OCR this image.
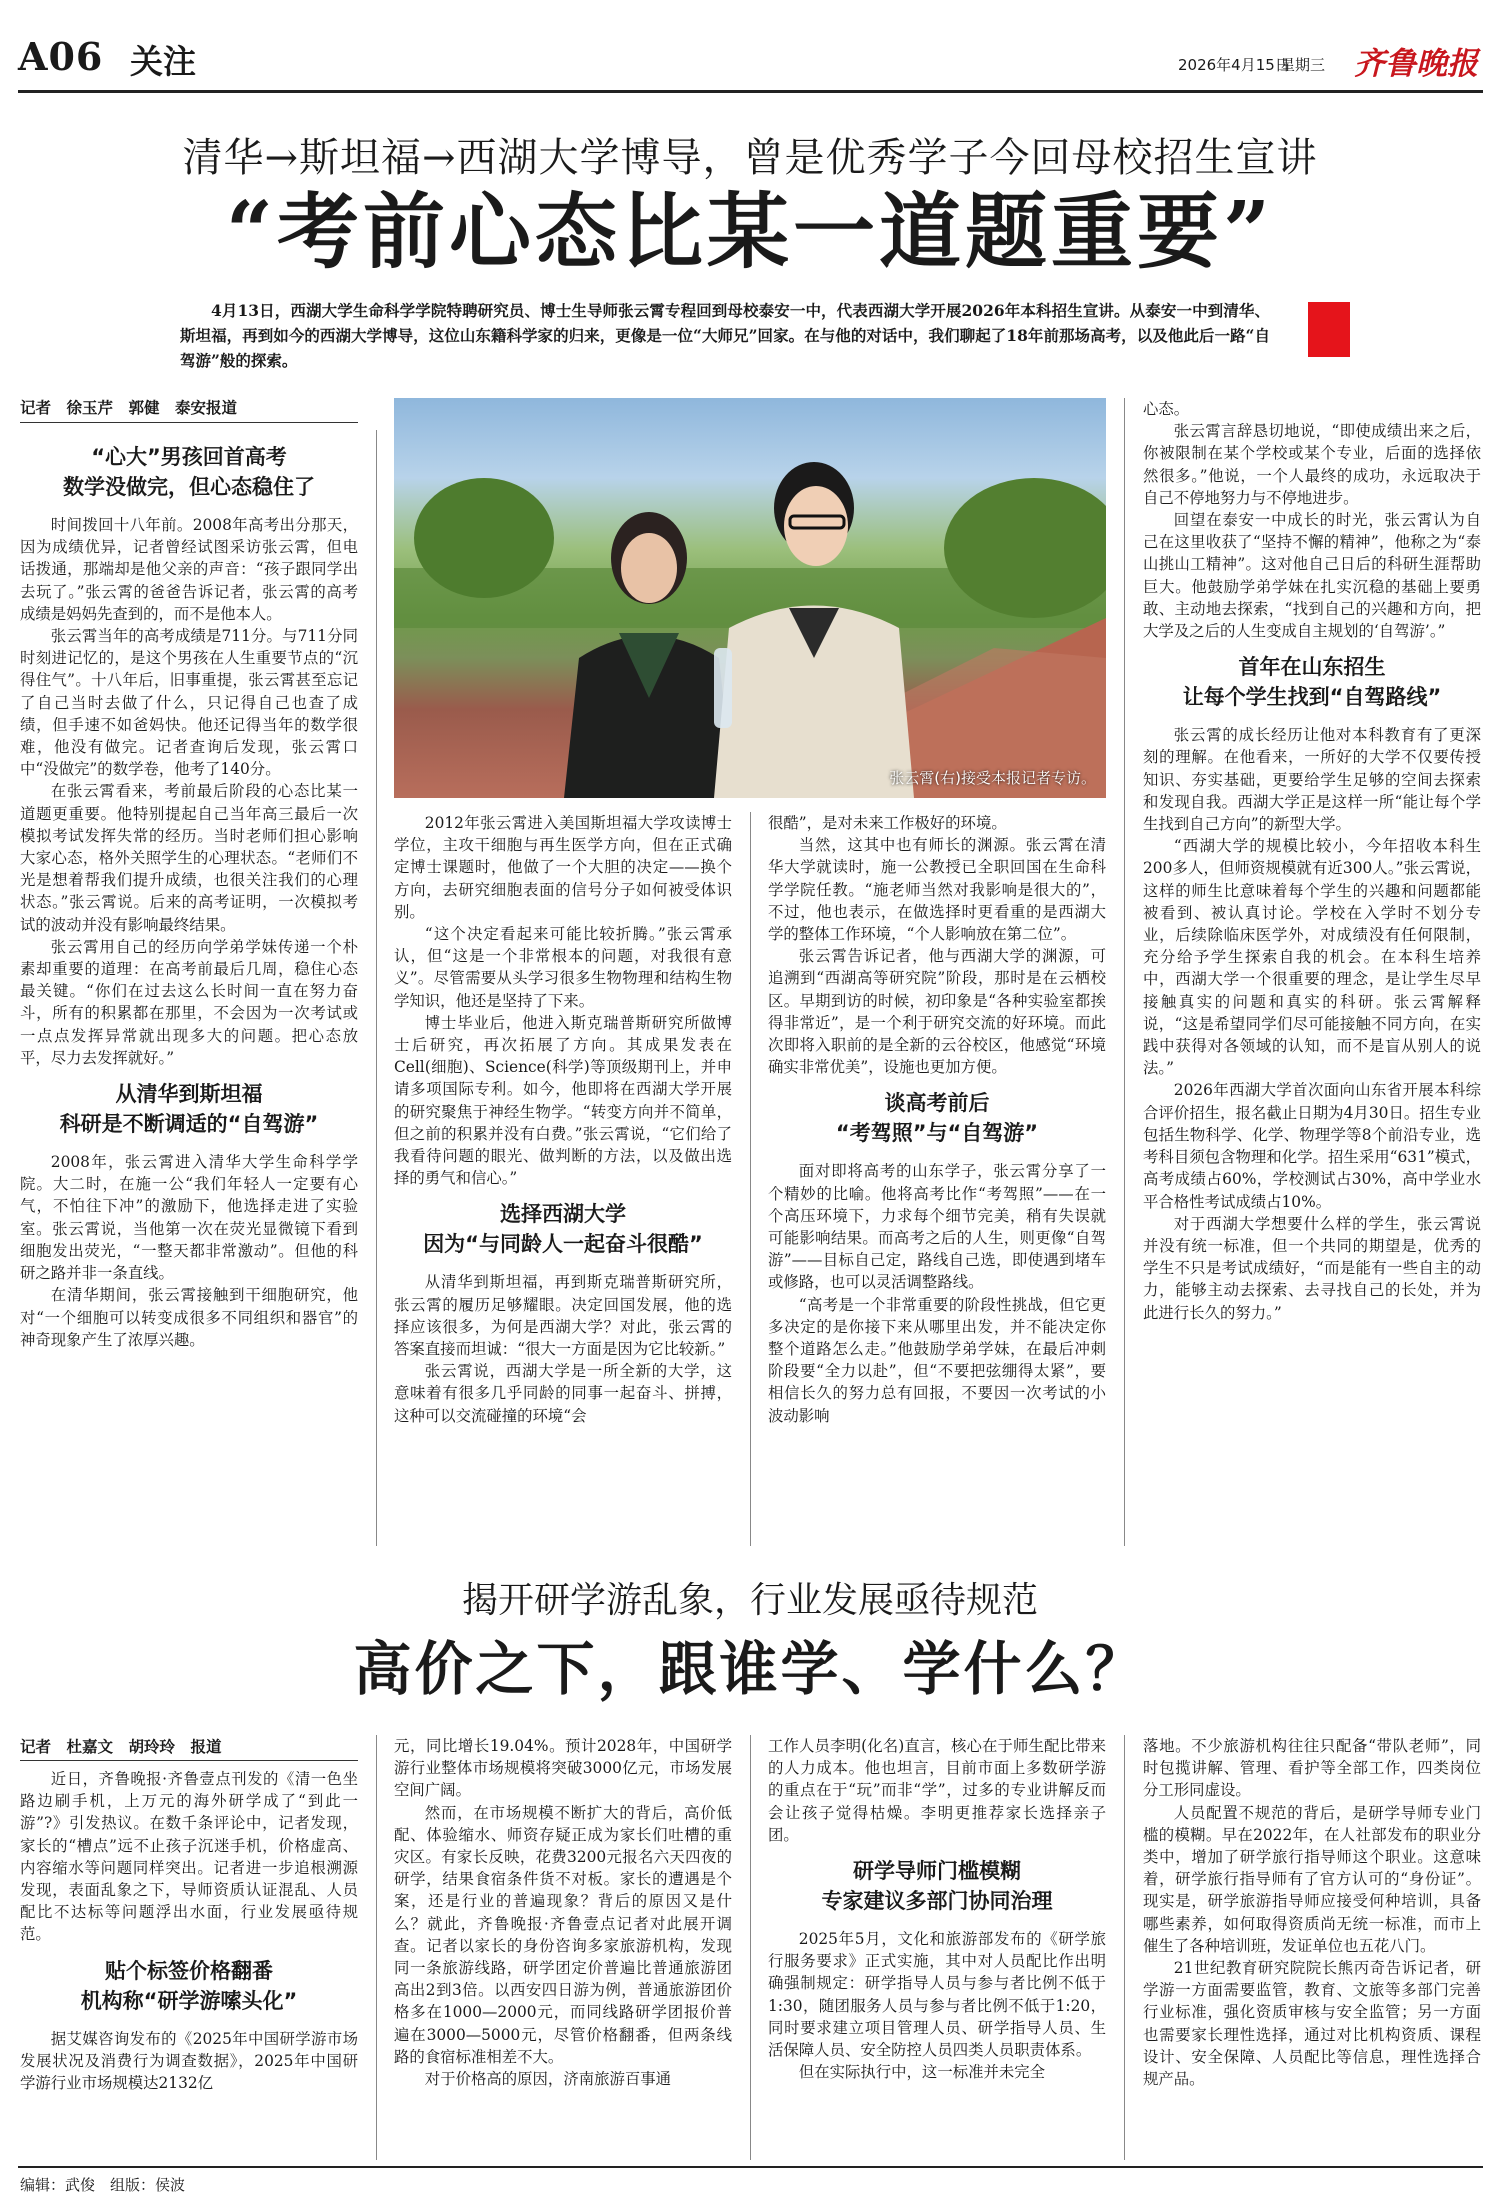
A06 关注	2026年4月15日
星期三 齐鲁晚报
清华→斯坦福→西湖大学博导，曾是优秀学子今回母校招生宣讲
“考前心态比某一道题重要”
4月13日，西湖大学生命科学学院特聘研究员、博士生导师张云霄专程回到母校泰安一中，代表西湖大学开展2026年本科招生宣讲。从泰安一中到清华、斯坦福，再到如今的西湖大学博导，这位山东籍科学家的归来，更像是一位“大师兄”回家。在与他的对话中，我们聊起了18年前那场高考，以及他此后一路“自驾游”般的探索。
记者　徐玉芹　郭健　泰安报道
张云霄(右)接受本报记者专访。
“心大”男孩回首高考
数学没做完，但心态稳住了

时间拨回十八年前。2008年高考出分那天，因为成绩优异，记者曾经试图采访张云霄，但电话拨通，那端却是他父亲的声音：“孩子跟同学出去玩了。”张云霄的爸爸告诉记者，张云霄的高考成绩是妈妈先查到的，而不是他本人。

张云霄当年的高考成绩是711分。与711分同时刻进记忆的，是这个男孩在人生重要节点的“沉得住气”。十八年后，旧事重提，张云霄甚至忘记了自己当时去做了什么，只记得自己也查了成绩，但手速不如爸妈快。他还记得当年的数学很难，他没有做完。记者查询后发现，张云霄口中“没做完”的数学卷，他考了140分。

在张云霄看来，考前最后阶段的心态比某一道题更重要。他特别提起自己当年高三最后一次模拟考试发挥失常的经历。当时老师们担心影响大家心态，格外关照学生的心理状态。“老师们不光是想着帮我们提升成绩，也很关注我们的心理状态。”张云霄说。后来的高考证明，一次模拟考试的波动并没有影响最终结果。

张云霄用自己的经历向学弟学妹传递一个朴素却重要的道理：在高考前最后几周，稳住心态最关键。“你们在过去这么长时间一直在努力奋斗，所有的积累都在那里，不会因为一次考试或一点点发挥异常就出现多大的问题。把心态放平，尽力去发挥就好。”

从清华到斯坦福
科研是不断调适的“自驾游”

2008年，张云霄进入清华大学生命科学学院。大二时，在施一公“我们年轻人一定要有心气，不怕往下冲”的激励下，他选择走进了实验室。张云霄说，当他第一次在荧光显微镜下看到细胞发出荧光，“一整天都非常激动”。但他的科研之路并非一条直线。

在清华期间，张云霄接触到干细胞研究，他对“一个细胞可以转变成很多不同组织和器官”的神奇现象产生了浓厚兴趣。

2012年张云霄进入美国斯坦福大学攻读博士学位，主攻干细胞与再生医学方向，但在正式确定博士课题时，他做了一个大胆的决定——换个方向，去研究细胞表面的信号分子如何被受体识别。

“这个决定看起来可能比较折腾。”张云霄承认，但“这是一个非常根本的问题，对我很有意义”。尽管需要从头学习很多生物物理和结构生物学知识，他还是坚持了下来。

博士毕业后，他进入斯克瑞普斯研究所做博士后研究，再次拓展了方向。其成果发表在Cell(细胞)、Science(科学)等顶级期刊上，并申请多项国际专利。如今，他即将在西湖大学开展的研究聚焦于神经生物学。“转变方向并不简单，但之前的积累并没有白费。”张云霄说，“它们给了我看待问题的眼光、做判断的方法，以及做出选择的勇气和信心。”

选择西湖大学
因为“与同龄人一起奋斗很酷”

从清华到斯坦福，再到斯克瑞普斯研究所，张云霄的履历足够耀眼。决定回国发展，他的选择应该很多，为何是西湖大学？对此，张云霄的答案直接而坦诚：“很大一方面是因为它比较新。”

张云霄说，西湖大学是一所全新的大学，这意味着有很多几乎同龄的同事一起奋斗、拼搏，这种可以交流碰撞的环境“会

很酷”，是对未来工作极好的环境。

当然，这其中也有师长的渊源。张云霄在清华大学就读时，施一公教授已全职回国在生命科学学院任教。“施老师当然对我影响是很大的”，不过，他也表示，在做选择时更看重的是西湖大学的整体工作环境，“个人影响放在第二位”。

张云霄告诉记者，他与西湖大学的渊源，可追溯到“西湖高等研究院”阶段，那时是在云栖校区。早期到访的时候，初印象是“各种实验室都挨得非常近”，是一个利于研究交流的好环境。而此次即将入职前的是全新的云谷校区，他感觉“环境确实非常优美”，设施也更加方便。

谈高考前后
“考驾照”与“自驾游”

面对即将高考的山东学子，张云霄分享了一个精妙的比喻。他将高考比作“考驾照”——在一个高压环境下，力求每个细节完美，稍有失误就可能影响结果。而高考之后的人生，则更像“自驾游”——目标自己定，路线自己选，即使遇到堵车或修路，也可以灵活调整路线。

“高考是一个非常重要的阶段性挑战，但它更多决定的是你接下来从哪里出发，并不能决定你整个道路怎么走。”他鼓励学弟学妹，在最后冲刺阶段要“全力以赴”，但“不要把弦绷得太紧”，要相信长久的努力总有回报，不要因一次考试的小波动影响

心态。

张云霄言辞恳切地说，“即使成绩出来之后，你被限制在某个学校或某个专业，后面的选择依然很多。”他说，一个人最终的成功，永远取决于自己不停地努力与不停地进步。

回望在泰安一中成长的时光，张云霄认为自己在这里收获了“坚持不懈的精神”，他称之为“泰山挑山工精神”。这对他自己日后的科研生涯帮助巨大。他鼓励学弟学妹在扎实沉稳的基础上要勇敢、主动地去探索，“找到自己的兴趣和方向，把大学及之后的人生变成自主规划的‘自驾游’。”

首年在山东招生
让每个学生找到“自驾路线”

张云霄的成长经历让他对本科教育有了更深刻的理解。在他看来，一所好的大学不仅要传授知识、夯实基础，更要给学生足够的空间去探索和发现自我。西湖大学正是这样一所“能让每个学生找到自己方向”的新型大学。

“西湖大学的规模比较小，今年招收本科生200多人，但师资规模就有近300人。”张云霄说，这样的师生比意味着每个学生的兴趣和问题都能被看到、被认真讨论。学校在入学时不划分专业，后续除临床医学外，对成绩没有任何限制，充分给予学生探索自我的机会。在本科生培养中，西湖大学一个很重要的理念，是让学生尽早接触真实的问题和真实的科研。张云霄解释说，“这是希望同学们尽可能接触不同方向，在实践中获得对各领域的认知，而不是盲从别人的说法。”

2026年西湖大学首次面向山东省开展本科综合评价招生，报名截止日期为4月30日。招生专业包括生物科学、化学、物理学等8个前沿专业，选考科目须包含物理和化学。招生采用“631”模式，高考成绩占60%，学校测试占30%，高中学业水平合格性考试成绩占10%。

对于西湖大学想要什么样的学生，张云霄说并没有统一标准，但一个共同的期望是，优秀的学生不只是考试成绩好，“而是能有一些自主的动力，能够主动去探索、去寻找自己的长处，并为此进行长久的努力。”

揭开研学游乱象，行业发展亟待规范
高价之下，跟谁学、学什么？
记者　杜嘉文　胡玲玲　报道

近日，齐鲁晚报·齐鲁壹点刊发的《清一色坐路边刷手机，上万元的海外研学成了“到此一游”?》引发热议。在数千条评论中，记者发现，家长的“槽点”远不止孩子沉迷手机，价格虚高、内容缩水等问题同样突出。记者进一步追根溯源发现，表面乱象之下，导师资质认证混乱、人员配比不达标等问题浮出水面，行业发展亟待规范。

贴个标签价格翻番
机构称“研学游嗦头化”

据艾媒咨询发布的《2025年中国研学游市场发展状况及消费行为调查数据》，2025年中国研学游行业市场规模达2132亿

元，同比增长19.04%。预计2028年，中国研学游行业整体市场规模将突破3000亿元，市场发展空间广阔。

然而，在市场规模不断扩大的背后，高价低配、体验缩水、师资存疑正成为家长们吐槽的重灾区。有家长反映，花费3200元报名六天四夜的研学，结果食宿条件货不对板。家长的遭遇是个案，还是行业的普遍现象？背后的原因又是什么？就此，齐鲁晚报·齐鲁壹点记者对此展开调查。记者以家长的身份咨询多家旅游机构，发现同一条旅游线路，研学团定价普遍比普通旅游团高出2到3倍。以西安四日游为例，普通旅游团价格多在1000—2000元，而同线路研学团报价普遍在3000—5000元，尽管价格翻番，但两条线路的食宿标准相差不大。

对于价格高的原因，济南旅游百事通

工作人员李明(化名)直言，核心在于师生配比带来的人力成本。他也坦言，目前市面上多数研学游的重点在于“玩”而非“学”，过多的专业讲解反而会让孩子觉得枯燥。李明更推荐家长选择亲子团。

研学导师门槛模糊
专家建议多部门协同治理

2025年5月，文化和旅游部发布的《研学旅行服务要求》正式实施，其中对人员配比作出明确强制规定：研学指导人员与参与者比例不低于1:30，随团服务人员与参与者比例不低于1:20，同时要求建立项目管理人员、研学指导人员、生活保障人员、安全防控人员四类人员职责体系。

但在实际执行中，这一标准并未完全

落地。不少旅游机构往往只配备“带队老师”，同时包揽讲解、管理、看护等全部工作，四类岗位分工形同虚设。

人员配置不规范的背后，是研学导师专业门槛的模糊。早在2022年，在人社部发布的职业分类中，增加了研学旅行指导师这个职业。这意味着，研学旅行指导师有了官方认可的“身份证”。现实是，研学旅游指导师应接受何种培训，具备哪些素养，如何取得资质尚无统一标准，而市上催生了各种培训班，发证单位也五花八门。

21世纪教育研究院院长熊丙奇告诉记者，研学游一方面需要监管，教育、文旅等多部门完善行业标准，强化资质审核与安全监管；另一方面也需要家长理性选择，通过对比机构资质、课程设计、安全保障、人员配比等信息，理性选择合规产品。

编辑：武俊　组版：侯波
